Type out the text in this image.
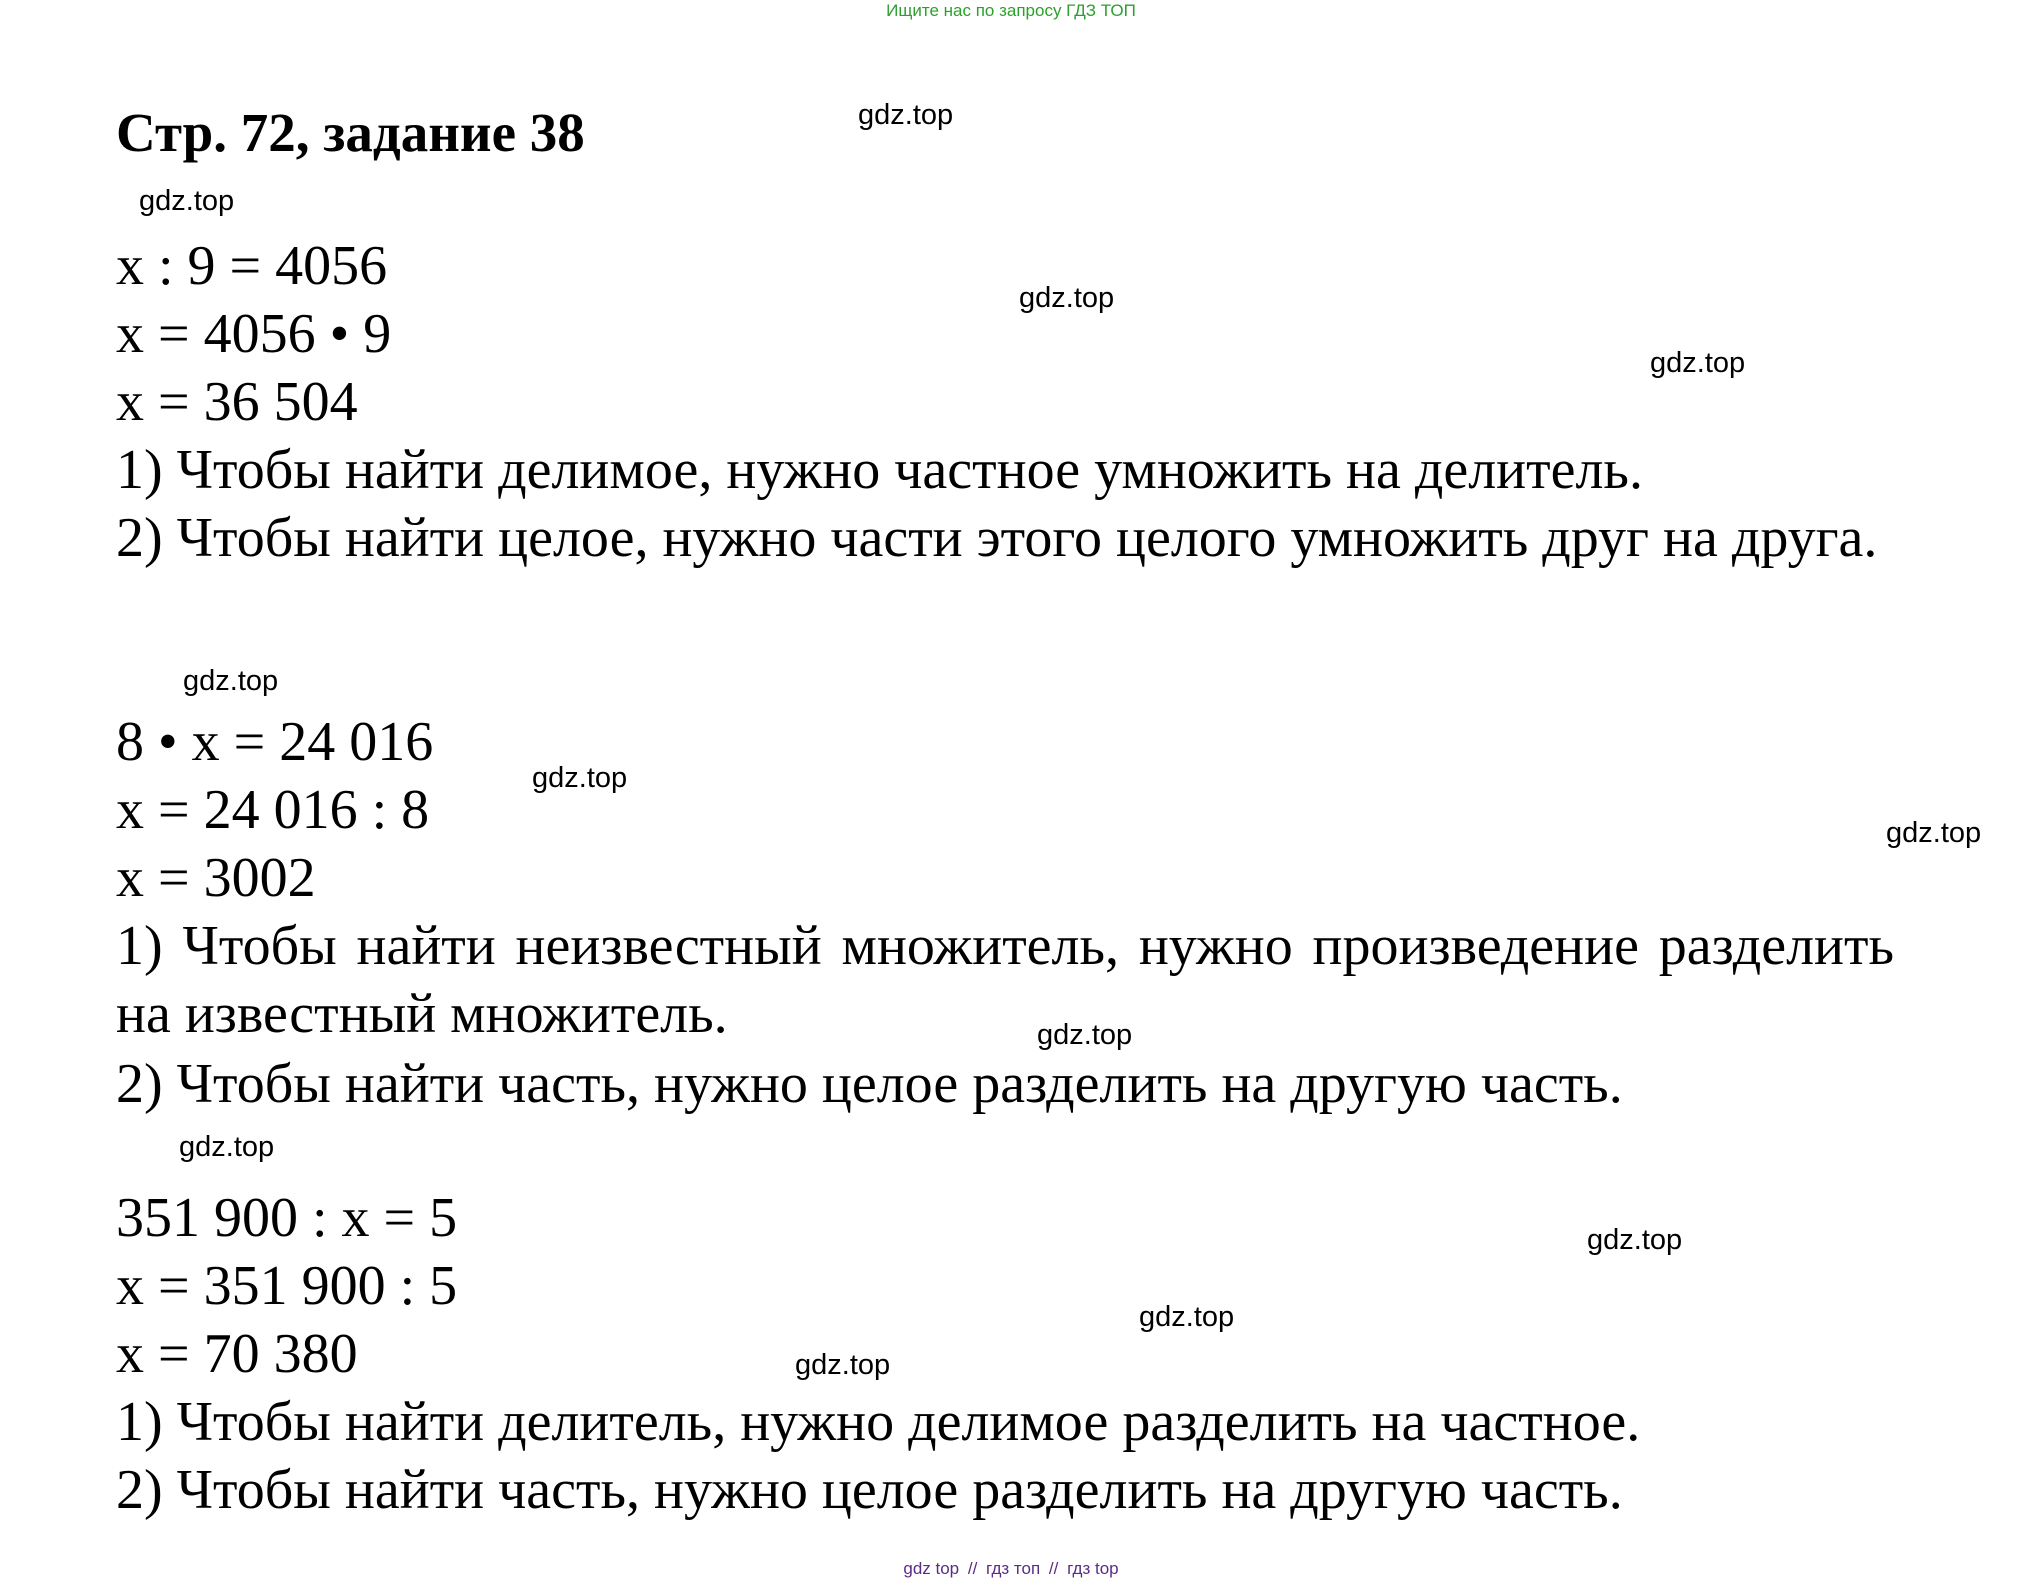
Ищите нас по запросу ГДЗ ТОП
Стр. 72, задание 38	gdz.top
gdz.top
gdz.top
gdz.top
gdz.top
gdz.top
gdz.top
gdz.top
gdz.top
gdz.top
gdz.top
gdz.top
x : 9 = 4056
x = 4056 • 9
x = 36 504
1) Чтобы найти делимое, нужно частное умножить на делитель.
2) Чтобы найти целое, нужно части этого целого умножить друг на друга.
8 • x = 24 016
x = 24 016 : 8
x = 3002
1) Чтобы найти неизвестный множитель, нужно произведение разделить на известный множитель.
2) Чтобы найти часть, нужно целое разделить на другую часть.
351 900 : x = 5
x = 351 900 : 5
x = 70 380
1) Чтобы найти делитель, нужно делимое разделить на частное.
2) Чтобы найти часть, нужно целое разделить на другую часть.
gdz top // гдз топ // гдз top
